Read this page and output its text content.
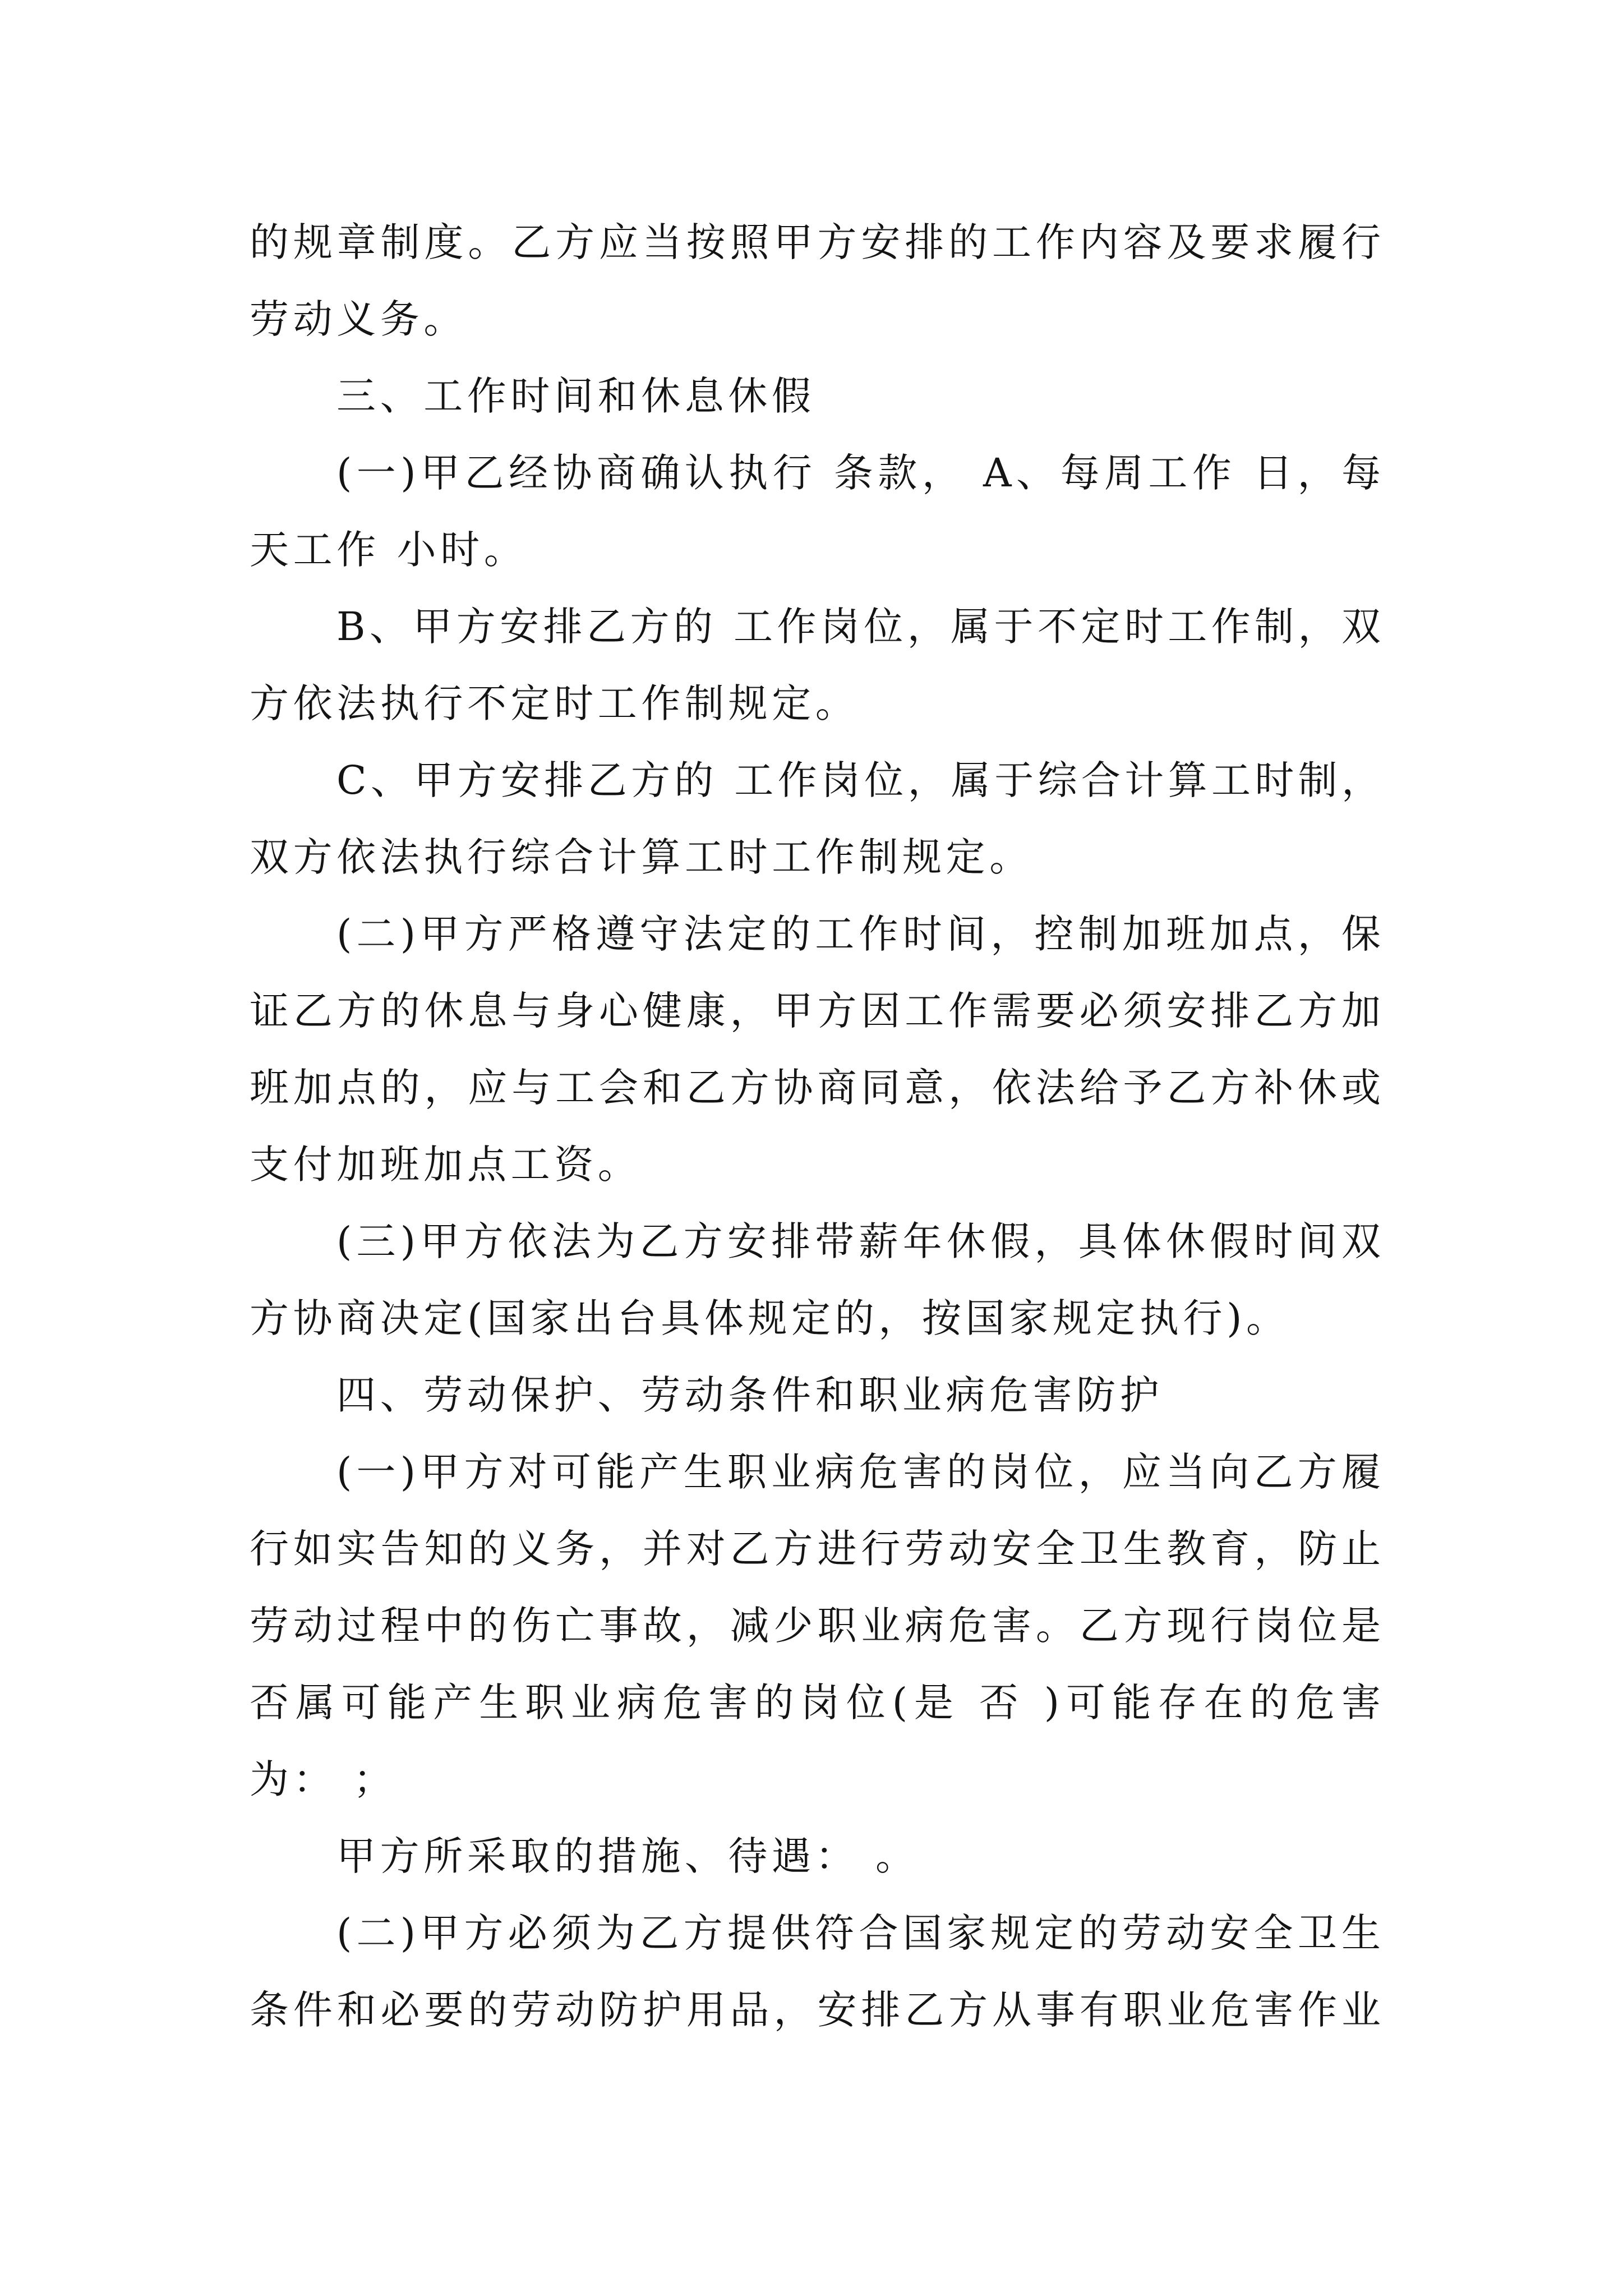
的规章制度。乙方应当按照甲方安排的工作内容及要求履行
劳动义务。
三、工作时间和休息休假
(一)甲乙经协商确认执行 条款， A、每周工作 日，每
天工作 小时。
B、甲方安排乙方的 工作岗位，属于不定时工作制，双
方依法执行不定时工作制规定。
C、甲方安排乙方的 工作岗位，属于综合计算工时制，
双方依法执行综合计算工时工作制规定。
(二)甲方严格遵守法定的工作时间，控制加班加点，保
证乙方的休息与身心健康，甲方因工作需要必须安排乙方加
班加点的，应与工会和乙方协商同意，依法给予乙方补休或
支付加班加点工资。
(三)甲方依法为乙方安排带薪年休假，具体休假时间双
方协商决定(国家出台具体规定的，按国家规定执行)。
四、劳动保护、劳动条件和职业病危害防护
(一)甲方对可能产生职业病危害的岗位，应当向乙方履
行如实告知的义务，并对乙方进行劳动安全卫生教育，防止
劳动过程中的伤亡事故，减少职业病危害。乙方现行岗位是
否属可能产生职业病危害的岗位(是 否 )可能存在的危害
为： ；
甲方所采取的措施、待遇： 。
(二)甲方必须为乙方提供符合国家规定的劳动安全卫生
条件和必要的劳动防护用品，安排乙方从事有职业危害作业
